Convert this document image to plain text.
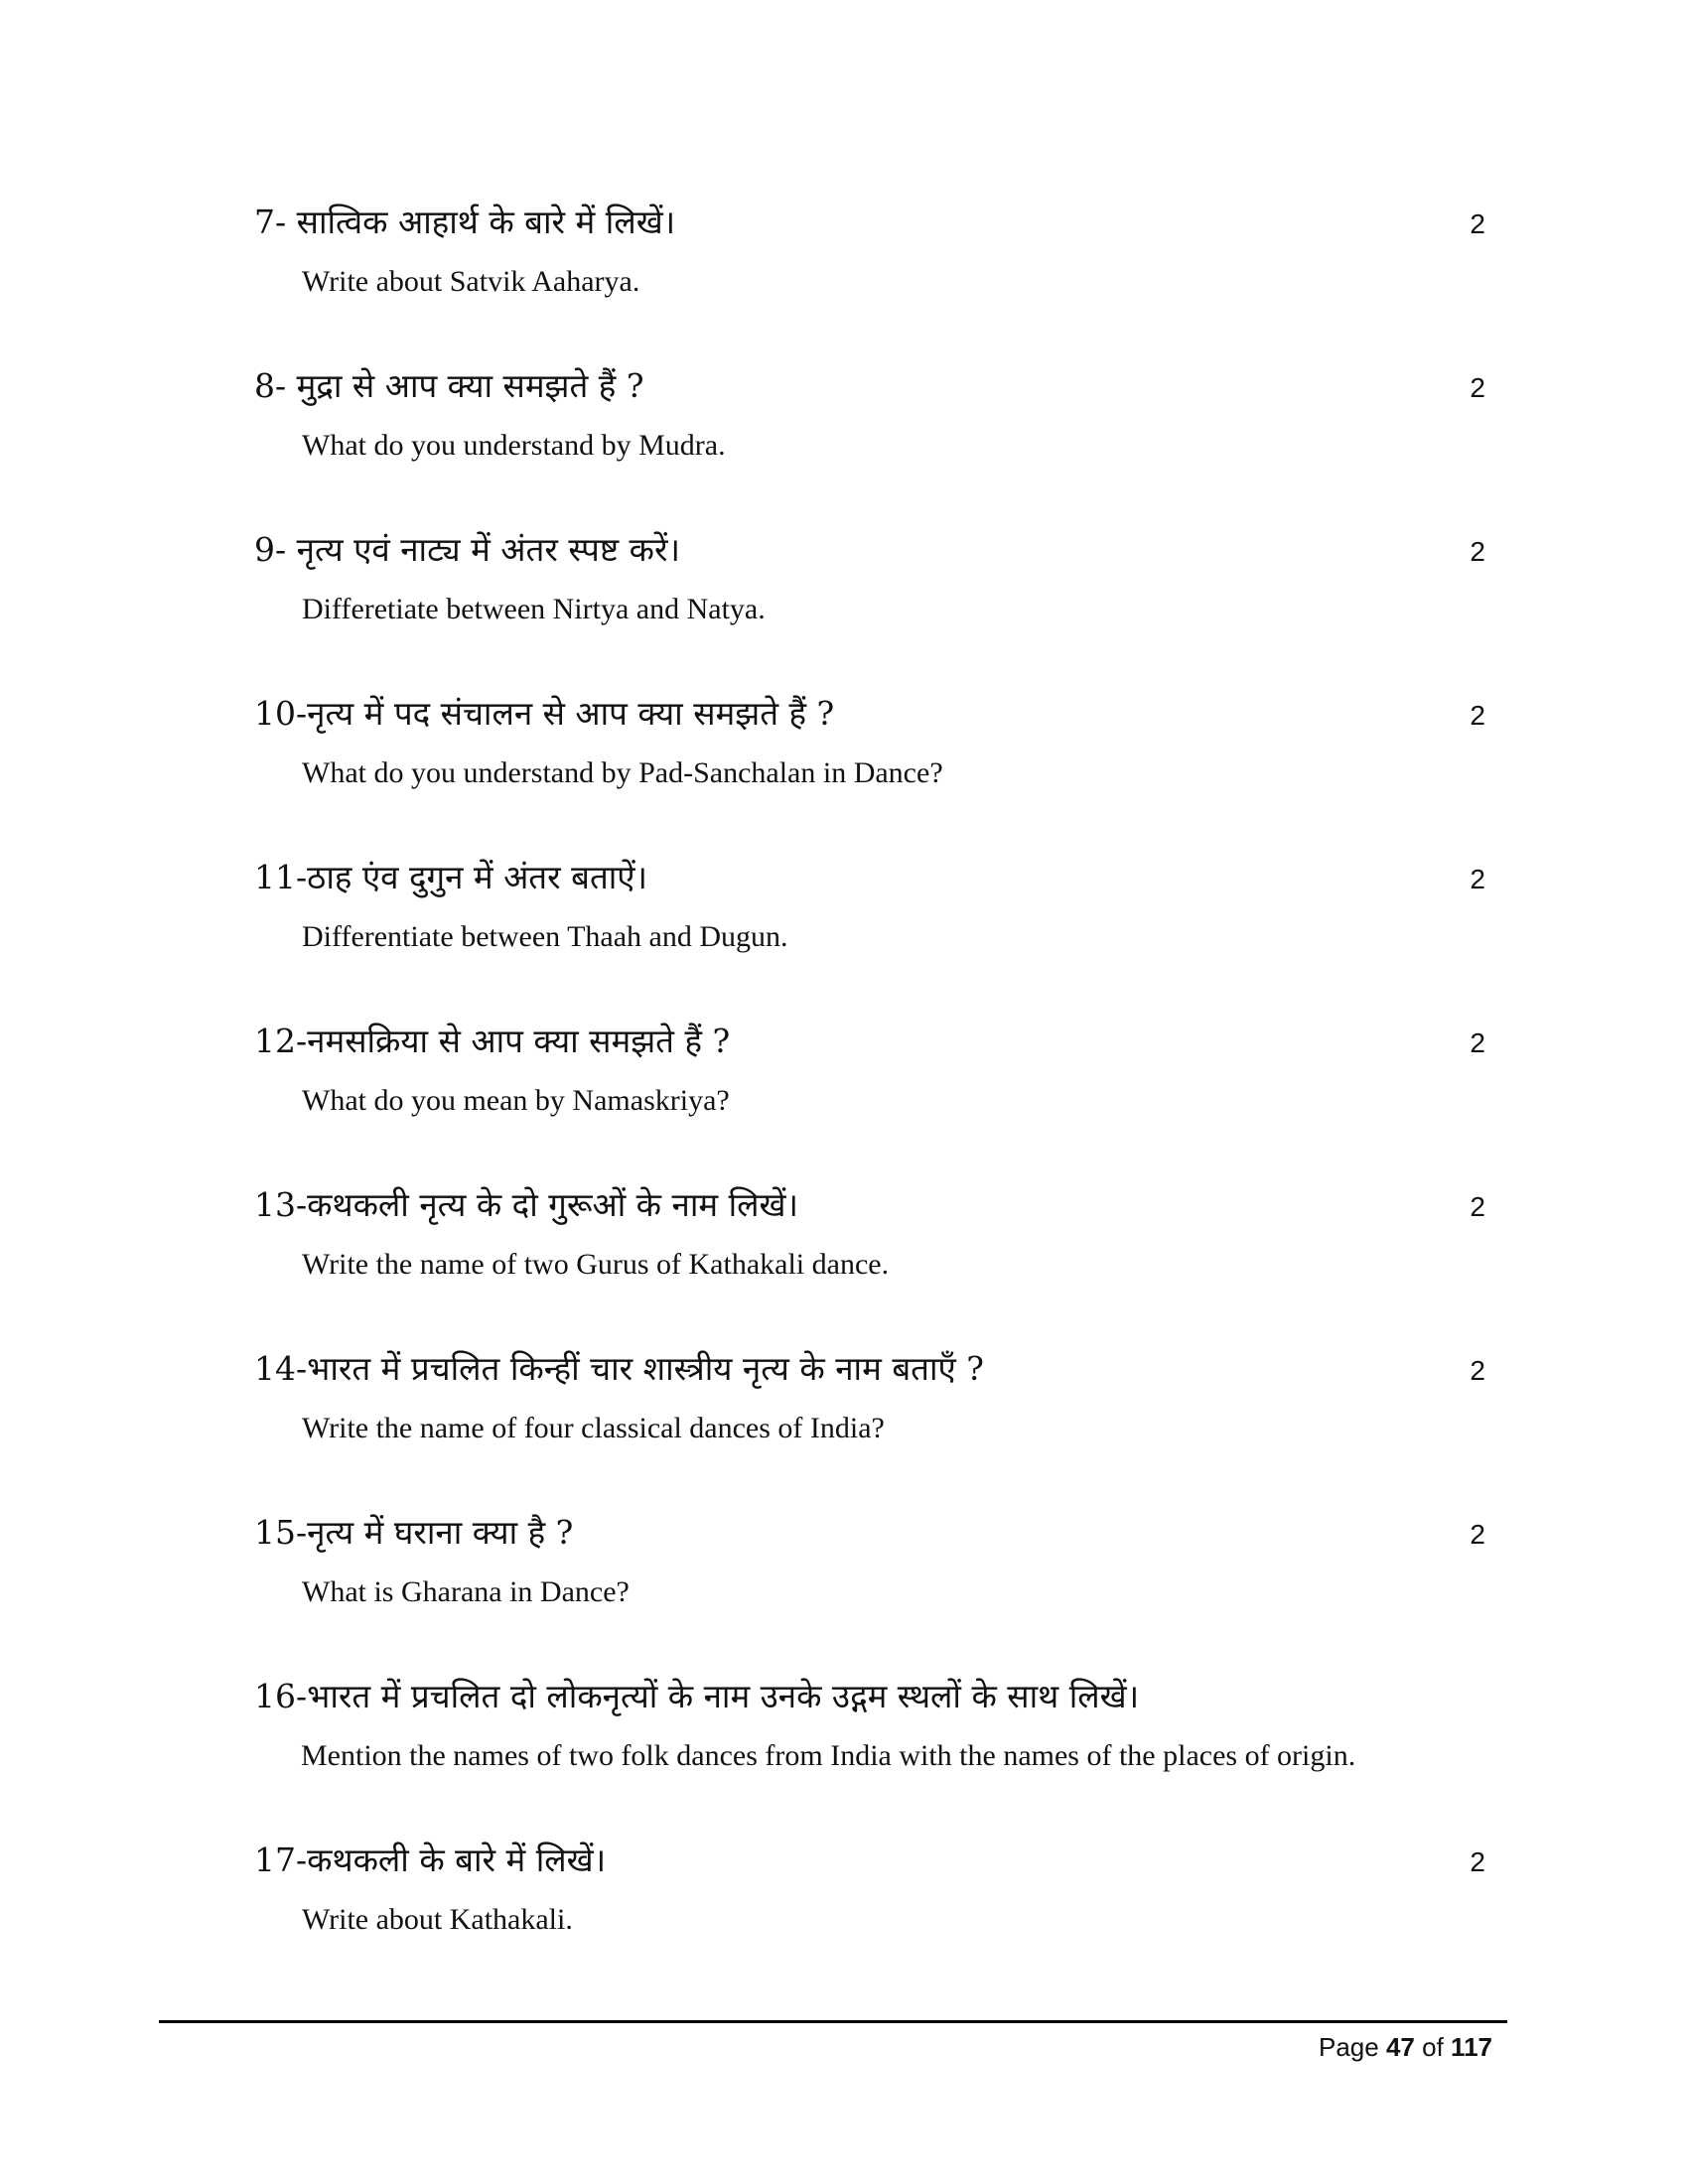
7- सात्विक आहार्थ के बारे में लिखें।
Write about Satvik Aaharya.
2
8- मुद्रा से आप क्या समझते हैं ?
What do you understand by Mudra.
2
9- नृत्य एवं नाट्य में अंतर स्पष्ट करें।
Differetiate between Nirtya and Natya.
2
10-नृत्य में पद संचालन से आप क्या समझते हैं ?
What do you understand by Pad-Sanchalan in Dance?
2
11-ठाह एंव दुगुन में अंतर बताऐं।
Differentiate between Thaah and Dugun.
2
12-नमसक्रिया से आप क्या समझते हैं ?
What do you mean by Namaskriya?
2
13-कथकली नृत्य के दो गुरूओं के नाम लिखें।
Write the name of two Gurus of Kathakali dance.
2
14-भारत में प्रचलित किन्हीं चार शास्त्रीय नृत्य के नाम बताएँ ?
Write the name of four classical dances of India?
2
15-नृत्य में घराना क्या है ?
What is Gharana in Dance?
2
16-भारत में प्रचलित दो लोकनृत्यों के नाम उनके उद्गम स्थलों के साथ लिखें।
Mention the names of two folk dances from India with the names of the places of origin.
17-कथकली के बारे में लिखें।
Write about Kathakali.
2
Page 47 of 117
